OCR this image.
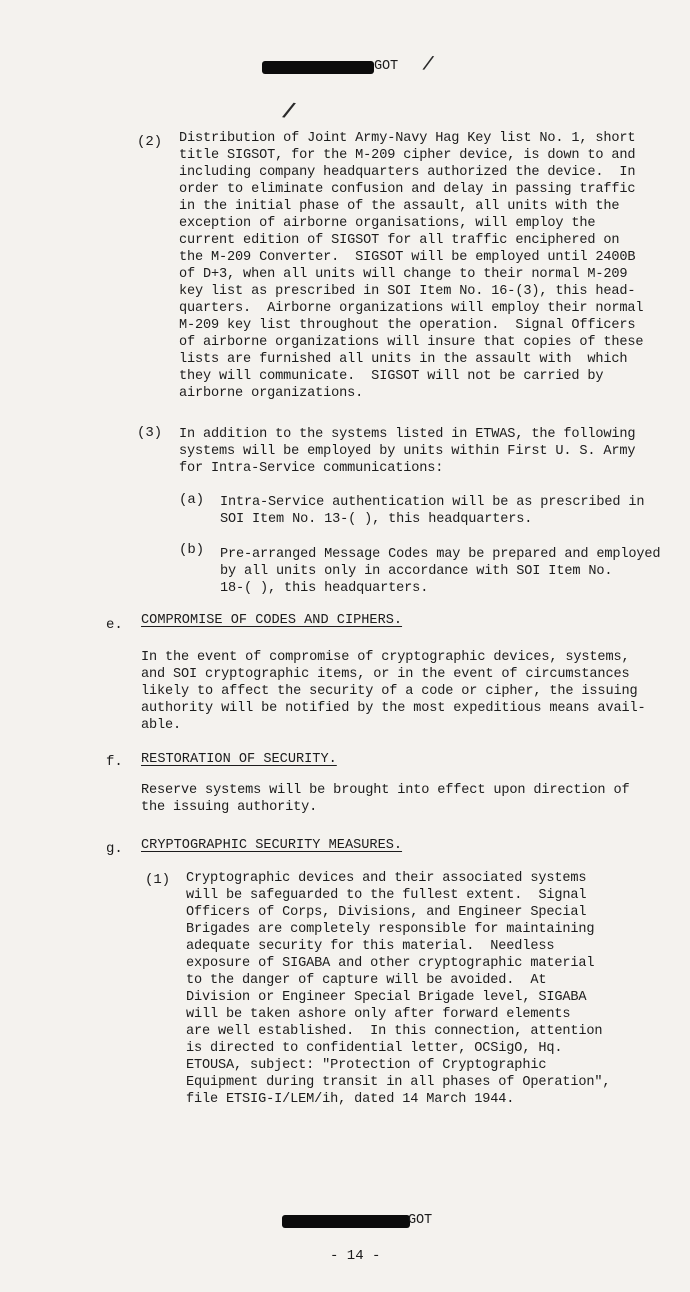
GOT /
/
(2) Distribution of Joint Army-Navy Hag Key list No. 1, short
title SIGSOT, for the M-209 cipher device, is down to and
including company headquarters authorized the device.  In
order to eliminate confusion and delay in passing traffic
in the initial phase of the assault, all units with the
exception of airborne organisations, will employ the
current edition of SIGSOT for all traffic enciphered on
the M-209 Converter.  SIGSOT will be employed until 2400B
of D+3, when all units will change to their normal M-209
key list as prescribed in SOI Item No. 16-(3), this head-
quarters.  Airborne organizations will employ their normal
M-209 key list throughout the operation.  Signal Officers
of airborne organizations will insure that copies of these
lists are furnished all units in the assault with  which
they will communicate.  SIGSOT will not be carried by
airborne organizations.
(3) In addition to the systems listed in ETWAS, the following
systems will be employed by units within First U. S. Army
for Intra-Service communications:
(a) Intra-Service authentication will be as prescribed in
SOI Item No. 13-( ), this headquarters.
(b) Pre-arranged Message Codes may be prepared and employed
by all units only in accordance with SOI Item No.
18-( ), this headquarters.
e. COMPROMISE OF CODES AND CIPHERS.
In the event of compromise of cryptographic devices, systems,
and SOI cryptographic items, or in the event of circumstances
likely to affect the security of a code or cipher, the issuing
authority will be notified by the most expeditious means avail-
able.
f. RESTORATION OF SECURITY.
Reserve systems will be brought into effect upon direction of
the issuing authority.
g. CRYPTOGRAPHIC SECURITY MEASURES.
(1) Cryptographic devices and their associated systems
will be safeguarded to the fullest extent.  Signal
Officers of Corps, Divisions, and Engineer Special
Brigades are completely responsible for maintaining
adequate security for this material.  Needless
exposure of SIGABA and other cryptographic material
to the danger of capture will be avoided.  At
Division or Engineer Special Brigade level, SIGABA
will be taken ashore only after forward elements
are well established.  In this connection, attention
is directed to confidential letter, OCSigO, Hq.
ETOUSA, subject: "Protection of Cryptographic
Equipment during transit in all phases of Operation",
file ETSIG-I/LEM/ih, dated 14 March 1944.
GOT
- 14 -
